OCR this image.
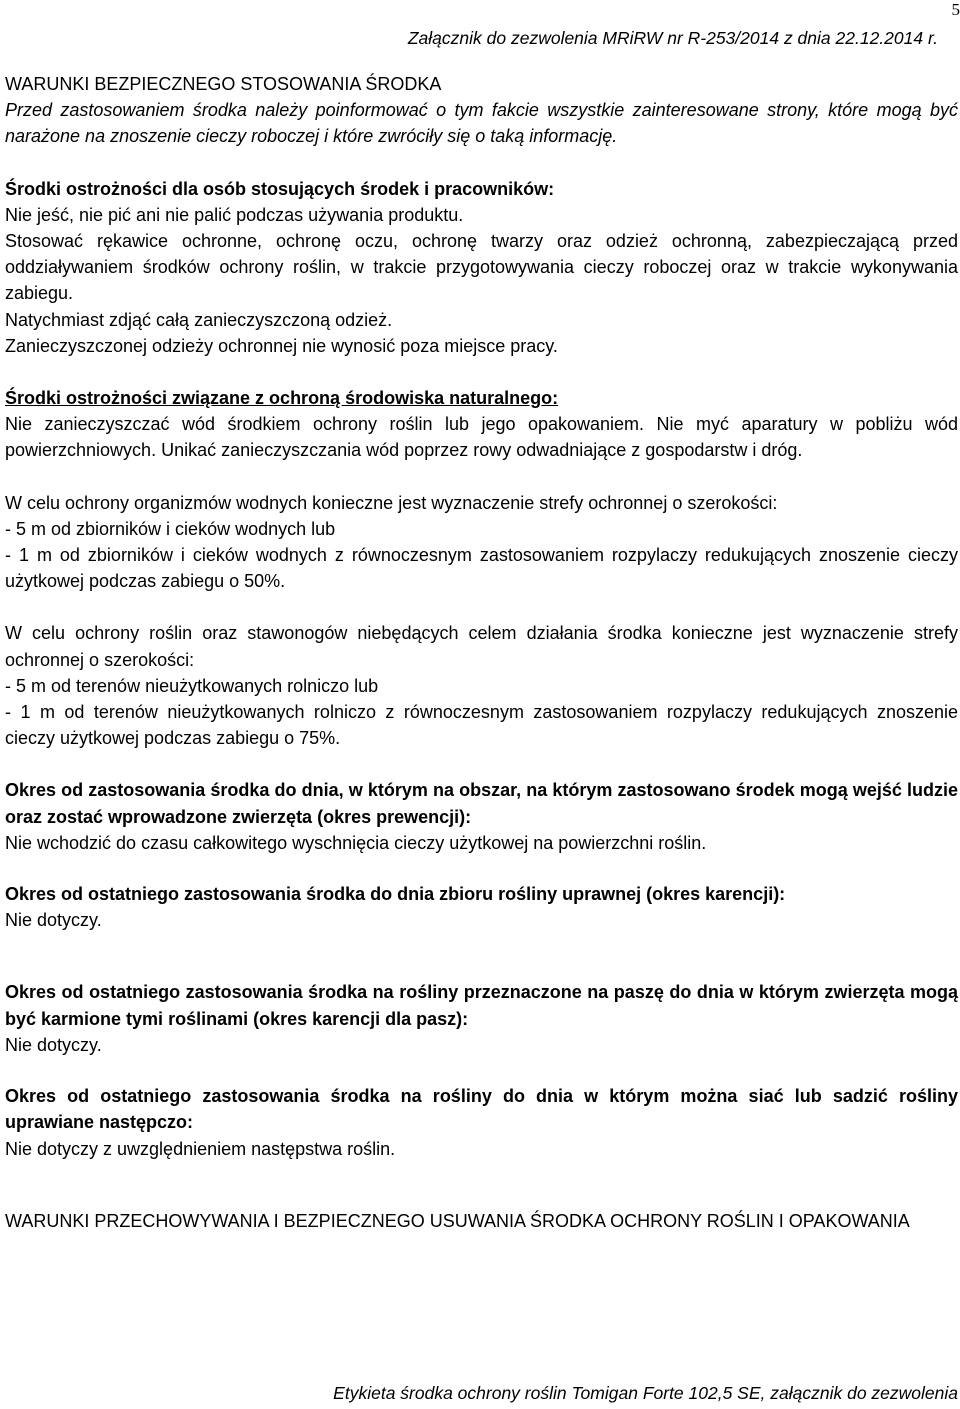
5
Załącznik do zezwolenia MRiRW nr R-253/2014 z dnia 22.12.2014 r.

WARUNKI BEZPIECZNEGO STOSOWANIA ŚRODKA

Przed zastosowaniem środka należy poinformować o tym fakcie wszystkie zainteresowane strony, które mogą być narażone na znoszenie cieczy roboczej i które zwróciły się o taką informację.

Środki ostrożności dla osób stosujących środek i pracowników:

Nie jeść, nie pić ani nie palić podczas używania produktu.

Stosować rękawice ochronne, ochronę oczu, ochronę twarzy oraz odzież ochronną, zabezpieczającą przed oddziaływaniem środków ochrony roślin, w trakcie przygotowywania cieczy roboczej oraz w trakcie wykonywania zabiegu.

Natychmiast zdjąć całą zanieczyszczoną odzież.

Zanieczyszczonej odzieży ochronnej nie wynosić poza miejsce pracy.

Środki ostrożności związane z ochroną środowiska naturalnego:

Nie zanieczyszczać wód środkiem ochrony roślin lub jego opakowaniem. Nie myć aparatury w pobliżu wód powierzchniowych. Unikać zanieczyszczania wód poprzez rowy odwadniające z gospodarstw i dróg.

W celu ochrony organizmów wodnych konieczne jest wyznaczenie strefy ochronnej o szerokości:

- 5 m od zbiorników i cieków wodnych lub

- 1 m od zbiorników i cieków wodnych z równoczesnym zastosowaniem rozpylaczy redukujących znoszenie cieczy użytkowej podczas zabiegu o 50%.

W celu ochrony roślin oraz stawonogów niebędących celem działania środka konieczne jest wyznaczenie strefy ochronnej o szerokości:

- 5 m od terenów nieużytkowanych rolniczo lub

- 1 m od terenów nieużytkowanych rolniczo z równoczesnym zastosowaniem rozpylaczy redukujących znoszenie cieczy użytkowej podczas zabiegu o 75%.

Okres od zastosowania środka do dnia, w którym na obszar, na którym zastosowano środek mogą wejść ludzie oraz zostać wprowadzone zwierzęta (okres prewencji):

Nie wchodzić do czasu całkowitego wyschnięcia cieczy użytkowej na powierzchni roślin.

Okres od ostatniego zastosowania środka do dnia zbioru rośliny uprawnej (okres karencji):

Nie dotyczy.

Okres od ostatniego zastosowania środka na rośliny przeznaczone na paszę do dnia w którym zwierzęta mogą być karmione tymi roślinami (okres karencji dla pasz):

Nie dotyczy.

Okres od ostatniego zastosowania środka na rośliny do dnia w którym można siać lub sadzić rośliny uprawiane następczo:

Nie dotyczy z uwzględnieniem następstwa roślin.

WARUNKI PRZECHOWYWANIA I BEZPIECZNEGO USUWANIA ŚRODKA OCHRONY ROŚLIN I OPAKOWANIA

Etykieta środka ochrony roślin Tomigan Forte 102,5 SE, załącznik do zezwolenia
